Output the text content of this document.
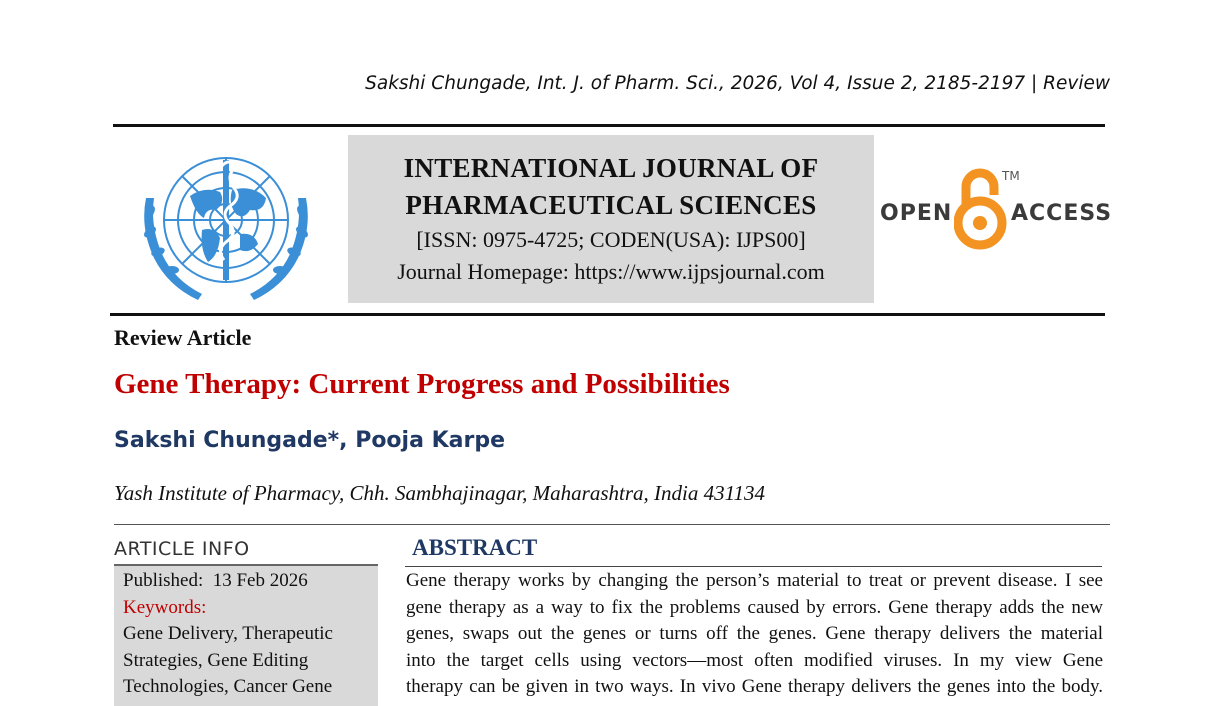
Sakshi Chungade, Int. J. of Pharm. Sci., 2026, Vol 4, Issue 2, 2185-2197 | Review
INTERNATIONAL JOURNAL OF
PHARMACEUTICAL SCIENCES
[ISSN: 0975-4725; CODEN(USA): IJPS00]
Journal Homepage: https://www.ijpsjournal.com
OPEN
TM
ACCESS
Review Article
Gene Therapy: Current Progress and Possibilities
Sakshi Chungade*, Pooja Karpe
Yash Institute of Pharmacy, Chh. Sambhajinagar, Maharashtra, India 431134
ARTICLE INFO
Published: 13 Feb 2026
Keywords:
Gene Delivery, Therapeutic
Strategies, Gene Editing
Technologies, Cancer Gene
ABSTRACT
Gene therapy works by changing the person’s material to treat or prevent disease. I see
gene therapy as a way to fix the problems caused by errors. Gene therapy adds the new
genes, swaps out the genes or turns off the genes. Gene therapy delivers the material
into the target cells using vectors—most often modified viruses. In my view Gene
therapy can be given in two ways. In vivo Gene therapy delivers the genes into the body.
